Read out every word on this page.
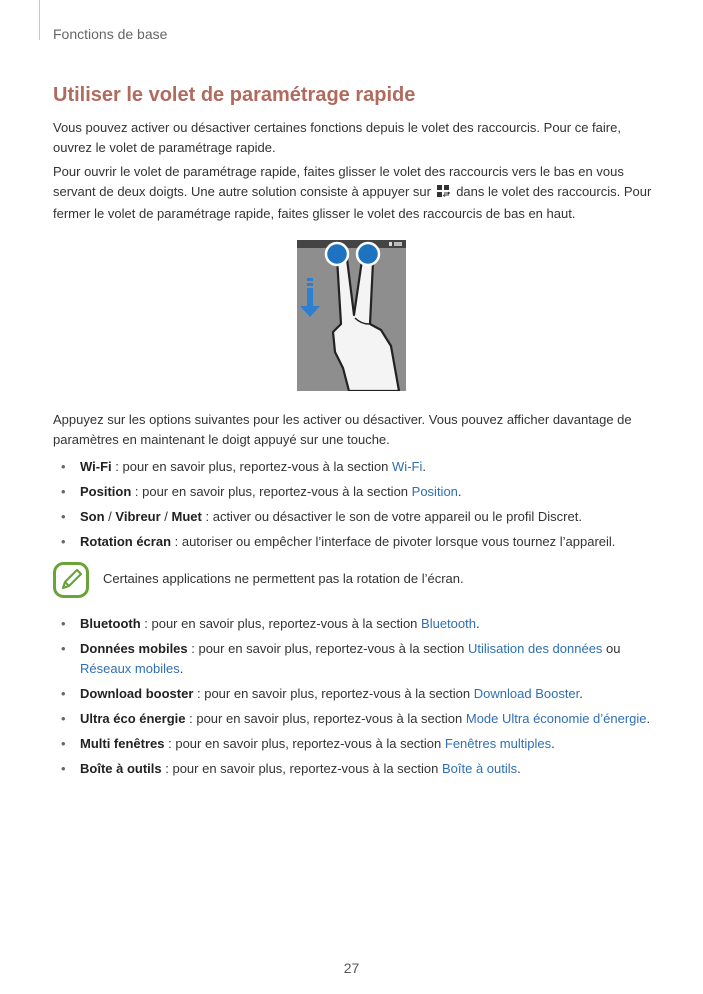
Fonctions de base
Utiliser le volet de paramétrage rapide

Vous pouvez activer ou désactiver certaines fonctions depuis le volet des raccourcis. Pour ce faire, ouvrez le volet de paramétrage rapide.

Pour ouvrir le volet de paramétrage rapide, faites glisser le volet des raccourcis vers le bas en vous servant de deux doigts. Une autre solution consiste à appuyer sur dans le volet des raccourcis. Pour fermer le volet de paramétrage rapide, faites glisser le volet des raccourcis de bas en haut.

Appuyez sur les options suivantes pour les activer ou désactiver. Vous pouvez afficher davantage de paramètres en maintenant le doigt appuyé sur une touche.

• Wi-Fi : pour en savoir plus, reportez-vous à la section Wi-Fi.
• Position : pour en savoir plus, reportez-vous à la section Position.
• Son / Vibreur / Muet : activer ou désactiver le son de votre appareil ou le profil Discret.
• Rotation écran : autoriser ou empêcher l’interface de pivoter lorsque vous tournez l’appareil.
Certaines applications ne permettent pas la rotation de l’écran.
• Bluetooth : pour en savoir plus, reportez-vous à la section Bluetooth.
• Données mobiles : pour en savoir plus, reportez-vous à la section Utilisation des données ou Réseaux mobiles.
• Download booster : pour en savoir plus, reportez-vous à la section Download Booster.
• Ultra éco énergie : pour en savoir plus, reportez-vous à la section Mode Ultra économie d’énergie.
• Multi fenêtres : pour en savoir plus, reportez-vous à la section Fenêtres multiples.
• Boîte à outils : pour en savoir plus, reportez-vous à la section Boîte à outils.
27
